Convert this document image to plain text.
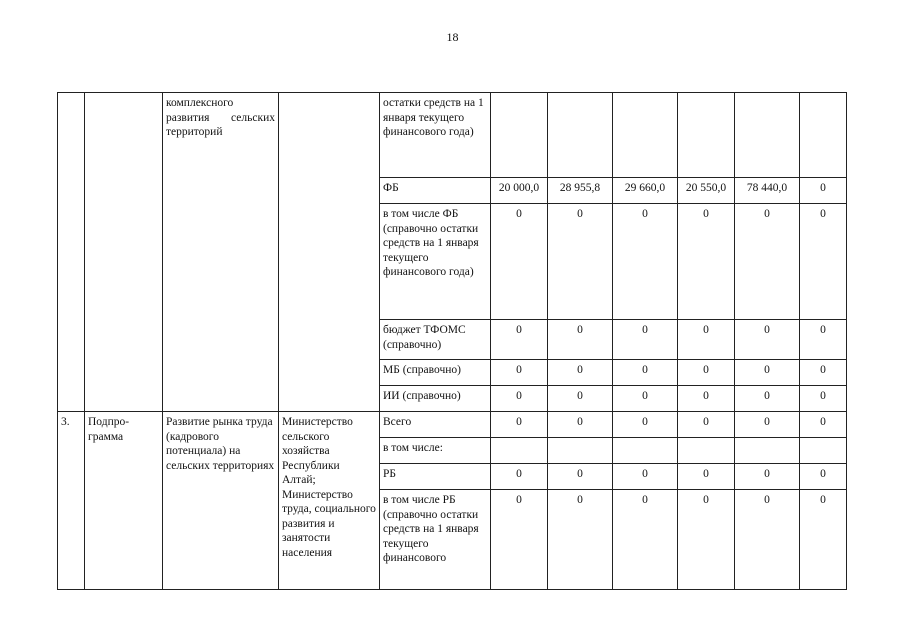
18
		комплексного развития сельских территорий		остатки средств на 1 января текущего финансового года)						
				ФБ	20 000,0	28 955,8	29 660,0	20 550,0	78 440,0	0
				в том числе ФБ (справочно остатки средств на 1 января текущего финансового года)	0	0	0	0	0	0
				бюджет ТФОМС (справочно)	0	0	0	0	0	0
				МБ (справочно)	0	0	0	0	0	0
				ИИ (справочно)	0	0	0	0	0	0
3.	Подпро-грамма	Развитие рынка труда (кадрового потенциала) на сельских территориях	Министерство сельского хозяйства Республики Алтай; Министерство труда, социального развития и занятости населения	Всего	0	0	0	0	0	0
				в том числе:						
				РБ	0	0	0	0	0	0
				в том числе РБ (справочно остатки средств на 1 января текущего финансового	0	0	0	0	0	0
